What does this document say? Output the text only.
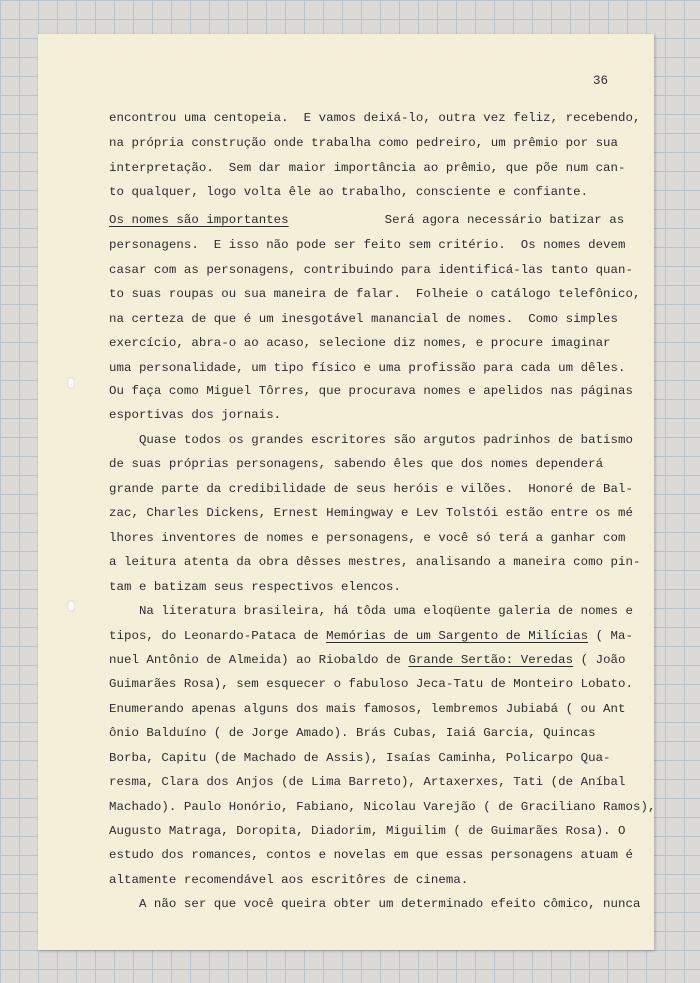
36
encontrou uma centopeia.  E vamos deixá-lo, outra vez feliz, recebendo,
na própria construção onde trabalha como pedreiro, um prêmio por sua
interpretação.  Sem dar maior importância ao prêmio, que põe num can-
to qualquer, logo volta êle ao trabalho, consciente e confiante.
Os nomes são importantes	Será agora necessário batizar as
personagens.  E isso não pode ser feito sem critério.  Os nomes devem
casar com as personagens, contribuindo para identificá-las tanto quan-
to suas roupas ou sua maneira de falar.  Folheie o catálogo telefônico,
na certeza de que é um inesgotável manancial de nomes.  Como simples
exercício, abra-o ao acaso, selecione diz nomes, e procure imaginar
uma personalidade, um tipo físico e uma profissão para cada um dêles.
Ou faça como Miguel Tôrres, que procurava nomes e apelidos nas páginas
esportivas dos jornais.
Quase todos os grandes escritores são argutos padrinhos de batismo
de suas próprias personagens, sabendo êles que dos nomes dependerá
grande parte da credibilidade de seus heróis e vilões.  Honoré de Bal-
zac, Charles Dickens, Ernest Hemingway e Lev Tolstói estão entre os mé
lhores inventores de nomes e personagens, e você só terá a ganhar com
a leitura atenta da obra dêsses mestres, analisando a maneira como pin-
tam e batizam seus respectivos elencos.
Na literatura brasileira, há tôda uma eloqüente galeria de nomes e
tipos, do Leonardo-Pataca de Memórias de um Sargento de Milícias ( Ma-
nuel Antônio de Almeida) ao Riobaldo de Grande Sertão: Veredas ( João
Guimarães Rosa), sem esquecer o fabuloso Jeca-Tatu de Monteiro Lobato.
Enumerando apenas alguns dos mais famosos, lembremos Jubiabá ( ou Ant
ônio Balduíno ( de Jorge Amado). Brás Cubas, Iaiá Garcia, Quincas
Borba, Capitu (de Machado de Assis), Isaías Caminha, Policarpo Qua-
resma, Clara dos Anjos (de Lima Barreto), Artaxerxes, Tati (de Aníbal
Machado). Paulo Honório, Fabiano, Nicolau Varejão ( de Graciliano Ramos),
Augusto Matraga, Doropita, Diadorim, Miguilim ( de Guimarães Rosa). O
estudo dos romances, contos e novelas em que essas personagens atuam é
altamente recomendável aos escritôres de cinema.
A não ser que você queira obter um determinado efeito cômico, nunca
